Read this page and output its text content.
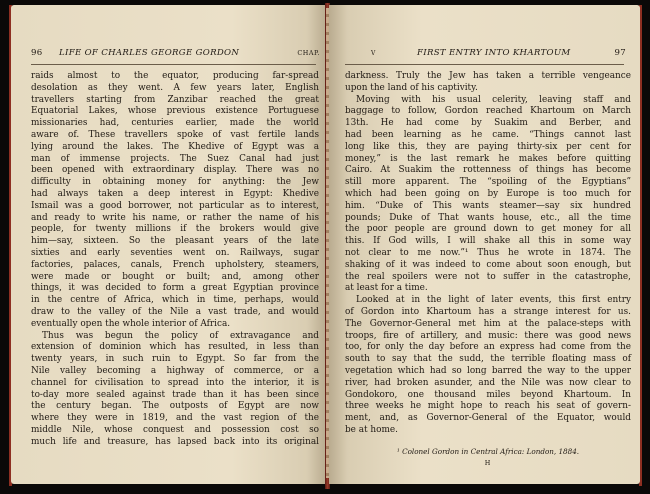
96 LIFE OF CHARLES GEORGE GORDON	CHAP.
raids almost to the equator, producing far-spread
desolation as they went. A few years later, English
travellers starting from Zanzibar reached the great
Equatorial Lakes, whose previous existence Portuguese
missionaries had, centuries earlier, made the world
aware of. These travellers spoke of vast fertile lands
lying around the lakes. The Khedive of Egypt was a
man of immense projects. The Suez Canal had just
been opened with extraordinary display. There was no
difficulty in obtaining money for anything: the Jew
had always taken a deep interest in Egypt: Khedive
Ismail was a good borrower, not particular as to interest,
and ready to write his name, or rather the name of his
people, for twenty millions if the brokers would give
him—say, sixteen. So the pleasant years of the late
sixties and early seventies went on. Railways, sugar
factories, palaces, canals, French upholstery, steamers,
were made or bought or built; and, among other
things, it was decided to form a great Egyptian province
in the centre of Africa, which in time, perhaps, would
draw to the valley of the Nile a vast trade, and would
eventually open the whole interior of Africa.
Thus was begun the policy of extravagance and
extension of dominion which has resulted, in less than
twenty years, in such ruin to Egypt. So far from the
Nile valley becoming a highway of commerce, or a
channel for civilisation to spread into the interior, it is
to-day more sealed against trade than it has been since
the century began. The outposts of Egypt are now
where they were in 1819, and the vast region of the
middle Nile, whose conquest and possession cost so
much life and treasure, has lapsed back into its original
V	FIRST ENTRY INTO KHARTOUM	97
darkness. Truly the Jew has taken a terrible vengeance
upon the land of his captivity.
Moving with his usual celerity, leaving staff and
baggage to follow, Gordon reached Khartoum on March
13th. He had come by Suakim and Berber, and
had been learning as he came. “Things cannot last
long like this, they are paying thirty-six per cent for
money,” is the last remark he makes before quitting
Cairo. At Suakim the rottenness of things has become
still more apparent. The “spoiling of the Egyptians”
which had been going on by Europe is too much for
him. “Duke of This wants steamer—say six hundred
pounds; Duke of That wants house, etc., all the time
the poor people are ground down to get money for all
this. If God wills, I will shake all this in some way
not clear to me now.”¹ Thus he wrote in 1874. The
shaking of it was indeed to come about soon enough, but
the real spoilers were not to suffer in the catastrophe,
at least for a time.
Looked at in the light of later events, this first entry
of Gordon into Khartoum has a strange interest for us.
The Governor-General met him at the palace-steps with
troops, fire of artillery, and music: there was good news
too, for only the day before an express had come from the
south to say that the sudd, the terrible floating mass of
vegetation which had so long barred the way to the upper
river, had broken asunder, and the Nile was now clear to
Gondokoro, one thousand miles beyond Khartoum. In
three weeks he might hope to reach his seat of govern-
ment, and, as Governor-General of the Equator, would
be at home.
¹ Colonel Gordon in Central Africa: London, 1884.
H
